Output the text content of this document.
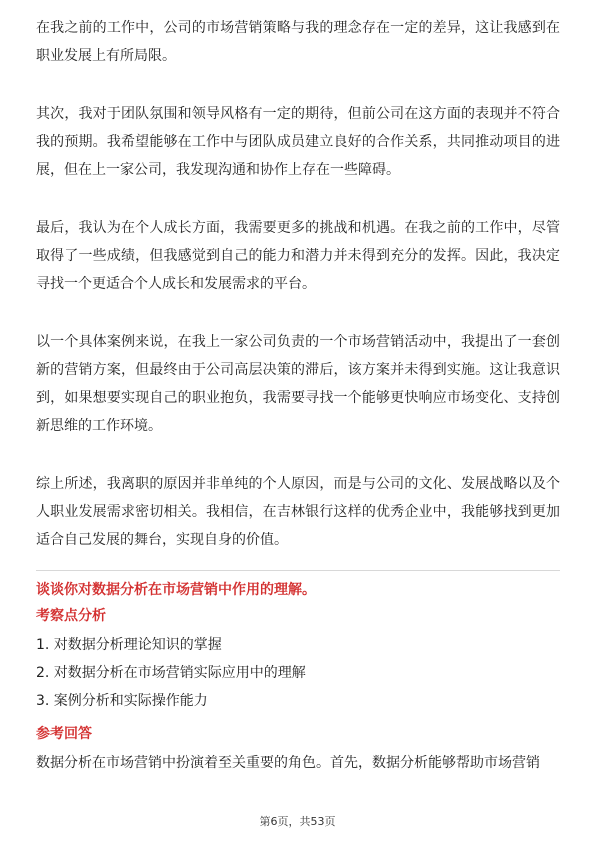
在我之前的工作中，公司的市场营销策略与我的理念存在一定的差异，这让我感到在职业发展上有所局限。

其次，我对于团队氛围和领导风格有一定的期待，但前公司在这方面的表现并不符合我的预期。我希望能够在工作中与团队成员建立良好的合作关系，共同推动项目的进展，但在上一家公司，我发现沟通和协作上存在一些障碍。

最后，我认为在个人成长方面，我需要更多的挑战和机遇。在我之前的工作中，尽管取得了一些成绩，但我感觉到自己的能力和潜力并未得到充分的发挥。因此，我决定寻找一个更适合个人成长和发展需求的平台。

以一个具体案例来说，在我上一家公司负责的一个市场营销活动中，我提出了一套创新的营销方案，但最终由于公司高层决策的滞后，该方案并未得到实施。这让我意识到，如果想要实现自己的职业抱负，我需要寻找一个能够更快响应市场变化、支持创新思维的工作环境。

综上所述，我离职的原因并非单纯的个人原因，而是与公司的文化、发展战略以及个人职业发展需求密切相关。我相信，在吉林银行这样的优秀企业中，我能够找到更加适合自己发展的舞台，实现自身的价值。

谈谈你对数据分析在市场营销中作用的理解。
考察点分析
1. 对数据分析理论知识的掌握
2. 对数据分析在市场营销实际应用中的理解
3. 案例分析和实际操作能力
参考回答

数据分析在市场营销中扮演着至关重要的角色。首先，数据分析能够帮助市场营销

第6页，共53页
